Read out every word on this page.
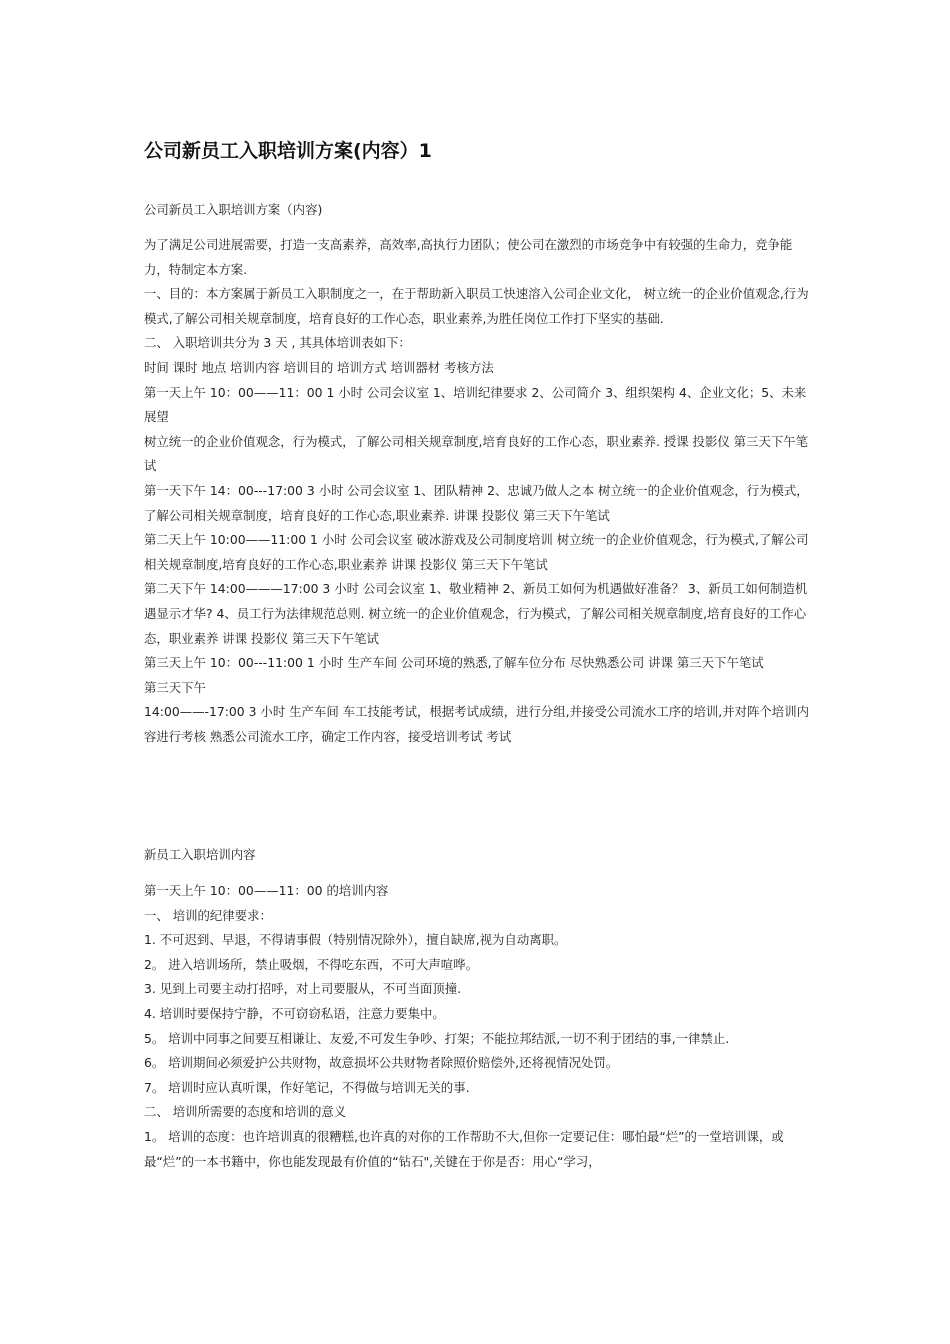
公司新员工入职培训方案(内容）1

公司新员工入职培训方案（内容)

为了满足公司进展需要，打造一支高素养，高效率,高执行力团队；使公司在激烈的市场竞争中有较强的生命力，竞争能力，特制定本方案.

一、目的：本方案属于新员工入职制度之一，在于帮助新入职员工快速溶入公司企业文化， 树立统一的企业价值观念,行为模式,了解公司相关规章制度，培育良好的工作心态，职业素养,为胜任岗位工作打下坚实的基础.

二、 入职培训共分为 3 天 , 其具体培训表如下：

时间 课时 地点 培训内容 培训目的 培训方式 培训器材 考核方法

第一天上午 10：00——11：00 1 小时 公司会议室 1、培训纪律要求 2、公司简介 3、组织架构 4、企业文化；5、未来展望

树立统一的企业价值观念，行为模式，了解公司相关规章制度,培育良好的工作心态，职业素养. 授课 投影仪 第三天下午笔试

第一天下午 14：00---17:00 3 小时 公司会议室 1、团队精神 2、忠诚乃做人之本 树立统一的企业价值观念，行为模式，了解公司相关规章制度，培育良好的工作心态,职业素养. 讲课 投影仪 第三天下午笔试

第二天上午 10:00——11:00 1 小时 公司会议室 破冰游戏及公司制度培训 树立统一的企业价值观念，行为模式,了解公司相关规章制度,培育良好的工作心态,职业素养 讲课 投影仪 第三天下午笔试

第二天下午 14:00———17:00 3 小时 公司会议室 1、敬业精神 2、新员工如何为机遇做好准备？ 3、新员工如何制造机遇显示才华? 4、员工行为法律规范总则. 树立统一的企业价值观念，行为模式，了解公司相关规章制度,培育良好的工作心态，职业素养 讲课 投影仪 第三天下午笔试

第三天上午 10：00---11:00 1 小时 生产车间 公司环境的熟悉,了解车位分布 尽快熟悉公司 讲课 第三天下午笔试

第三天下午

14:00——-17:00 3 小时 生产车间 车工技能考试，根据考试成绩，进行分组,并接受公司流水工序的培训,并对阵个培训内容进行考核 熟悉公司流水工序，确定工作内容，接受培训考试 考试

新员工入职培训内容

第一天上午 10：00——11：00 的培训内容

一、 培训的纪律要求：

1. 不可迟到、早退，不得请事假（特别情况除外），擅自缺席,视为自动离职。

2。 进入培训场所，禁止吸烟，不得吃东西，不可大声喧哗。

3. 见到上司要主动打招呼，对上司要服从，不可当面顶撞.

4. 培训时要保持宁静，不可窃窃私语，注意力要集中。

5。 培训中同事之间要互相谦让、友爱,不可发生争吵、打架；不能拉邦结派,一切不利于团结的事,一律禁止.

6。 培训期间必须爱护公共财物，故意损坏公共财物者除照价赔偿外,还将视情况处罚。

7。 培训时应认真听课，作好笔记，不得做与培训无关的事.

二、 培训所需要的态度和培训的意义

1。 培训的态度：也许培训真的很糟糕,也许真的对你的工作帮助不大,但你一定要记住：哪怕最“烂”的一堂培训课，或最“烂”的一本书籍中，你也能发现最有价值的“钻石",关键在于你是否：用心“学习，
